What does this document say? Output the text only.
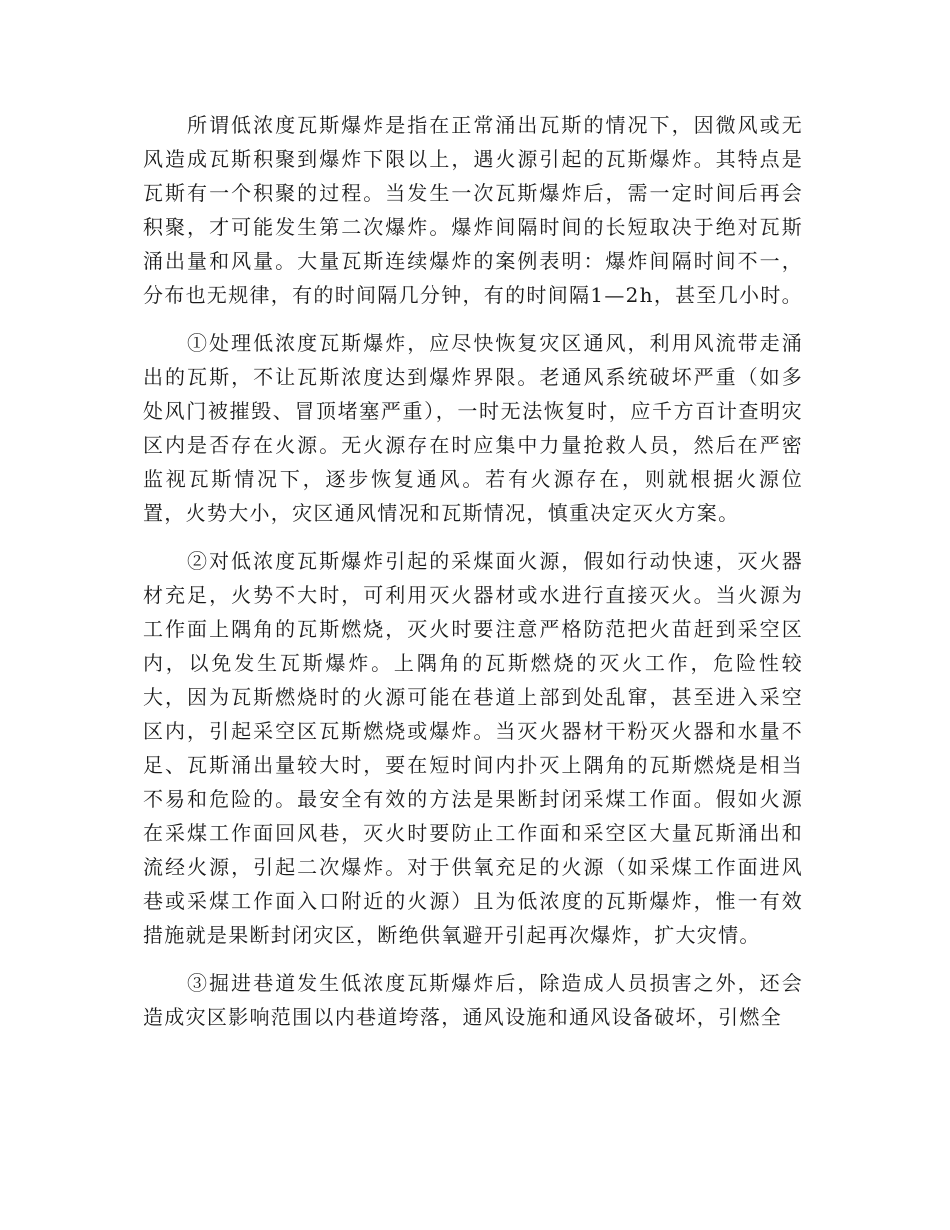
所谓低浓度瓦斯爆炸是指在正常涌出瓦斯的情况下，因微风或无风造成瓦斯积聚到爆炸下限以上，遇火源引起的瓦斯爆炸。其特点是瓦斯有一个积聚的过程。当发生一次瓦斯爆炸后，需一定时间后再会积聚，才可能发生第二次爆炸。爆炸间隔时间的长短取决于绝对瓦斯涌出量和风量。大量瓦斯连续爆炸的案例表明：爆炸间隔时间不一，分布也无规律，有的时间隔几分钟，有的时间隔1—2h，甚至几小时。

①处理低浓度瓦斯爆炸，应尽快恢复灾区通风，利用风流带走涌出的瓦斯，不让瓦斯浓度达到爆炸界限。老通风系统破坏严重（如多处风门被摧毁、冒顶堵塞严重），一时无法恢复时，应千方百计查明灾区内是否存在火源。无火源存在时应集中力量抢救人员，然后在严密监视瓦斯情况下，逐步恢复通风。若有火源存在，则就根据火源位置，火势大小，灾区通风情况和瓦斯情况，慎重决定灭火方案。

②对低浓度瓦斯爆炸引起的采煤面火源，假如行动快速，灭火器材充足，火势不大时，可利用灭火器材或水进行直接灭火。当火源为工作面上隅角的瓦斯燃烧，灭火时要注意严格防范把火苗赶到采空区内，以免发生瓦斯爆炸。上隅角的瓦斯燃烧的灭火工作，危险性较大，因为瓦斯燃烧时的火源可能在巷道上部到处乱窜，甚至进入采空区内，引起采空区瓦斯燃烧或爆炸。当灭火器材干粉灭火器和水量不足、瓦斯涌出量较大时，要在短时间内扑灭上隅角的瓦斯燃烧是相当不易和危险的。最安全有效的方法是果断封闭采煤工作面。假如火源在采煤工作面回风巷，灭火时要防止工作面和采空区大量瓦斯涌出和流经火源，引起二次爆炸。对于供氧充足的火源（如采煤工作面进风巷或采煤工作面入口附近的火源）且为低浓度的瓦斯爆炸，惟一有效措施就是果断封闭灾区，断绝供氧避开引起再次爆炸，扩大灾情。

③掘进巷道发生低浓度瓦斯爆炸后，除造成人员损害之外，还会造成灾区影响范围以内巷道垮落，通风设施和通风设备破坏，引燃全
